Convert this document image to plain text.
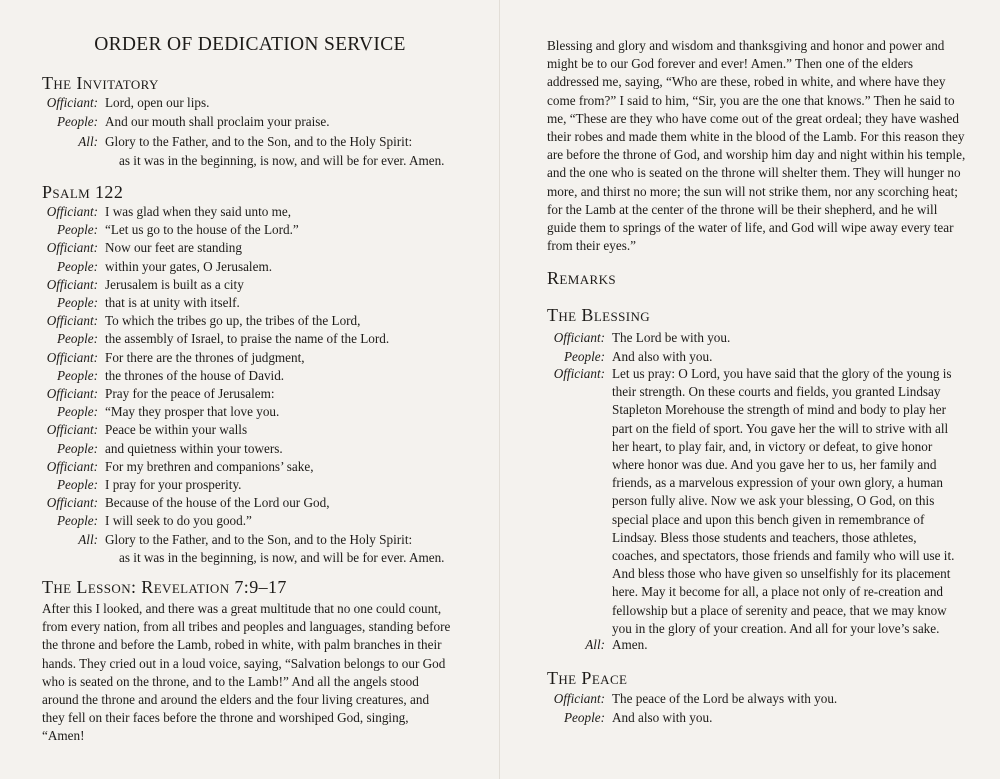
ORDER OF DEDICATION SERVICE
The Invitatory
Officiant: Lord, open our lips.
People: And our mouth shall proclaim your praise.
All: Glory to the Father, and to the Son, and to the Holy Spirit:
as it was in the beginning, is now, and will be for ever. Amen.
Psalm 122
Officiant: I was glad when they said unto me,
People: “Let us go to the house of the Lord.”
Officiant: Now our feet are standing
People: within your gates, O Jerusalem.
Officiant: Jerusalem is built as a city
People: that is at unity with itself.
Officiant: To which the tribes go up, the tribes of the Lord,
People: the assembly of Israel, to praise the name of the Lord.
Officiant: For there are the thrones of judgment,
People: the thrones of the house of David.
Officiant: Pray for the peace of Jerusalem:
People: “May they prosper that love you.
Officiant: Peace be within your walls
People: and quietness within your towers.
Officiant: For my brethren and companions’ sake,
People: I pray for your prosperity.
Officiant: Because of the house of the Lord our God,
People: I will seek to do you good.”
All: Glory to the Father, and to the Son, and to the Holy Spirit:
as it was in the beginning, is now, and will be for ever. Amen.
The Lesson: Revelation 7:9–17

After this I looked, and there was a great multitude that no one could count, from every nation, from all tribes and peoples and languages, standing before the throne and before the Lamb, robed in white, with palm branches in their hands. They cried out in a loud voice, saying, “Salvation belongs to our God who is seated on the throne, and to the Lamb!” And all the angels stood around the throne and around the elders and the four living creatures, and they fell on their faces before the throne and worshiped God, singing, “Amen!

Blessing and glory and wisdom and thanksgiving and honor and power and might be to our God forever and ever! Amen.” Then one of the elders addressed me, saying, “Who are these, robed in white, and where have they come from?” I said to him, “Sir, you are the one that knows.” Then he said to me, “These are they who have come out of the great ordeal; they have washed their robes and made them white in the blood of the Lamb. For this reason they are before the throne of God, and worship him day and night within his temple, and the one who is seated on the throne will shelter them. They will hunger no more, and thirst no more; the sun will not strike them, nor any scorching heat; for the Lamb at the center of the throne will be their shepherd, and he will guide them to springs of the water of life, and God will wipe away every tear from their eyes.”

Remarks
The Blessing
Officiant: The Lord be with you.
People: And also with you.
Officiant: Let us pray: O Lord, you have said that the glory of the young is their strength. On these courts and fields, you granted Lindsay Stapleton Morehouse the strength of mind and body to play her part on the field of sport. You gave her the will to strive with all her heart, to play fair, and, in victory or defeat, to give honor where honor was due. And you gave her to us, her family and friends, as a marvelous expression of your own glory, a human person fully alive. Now we ask your blessing, O God, on this special place and upon this bench given in remembrance of Lindsay. Bless those students and teachers, those athletes, coaches, and spectators, those friends and family who will use it. And bless those who have given so unselfishly for its placement here. May it become for all, a place not only of re-creation and fellowship but a place of serenity and peace, that we may know you in the glory of your creation. And all for your love’s sake.
All: Amen.
The Peace
Officiant: The peace of the Lord be always with you.
People: And also with you.
